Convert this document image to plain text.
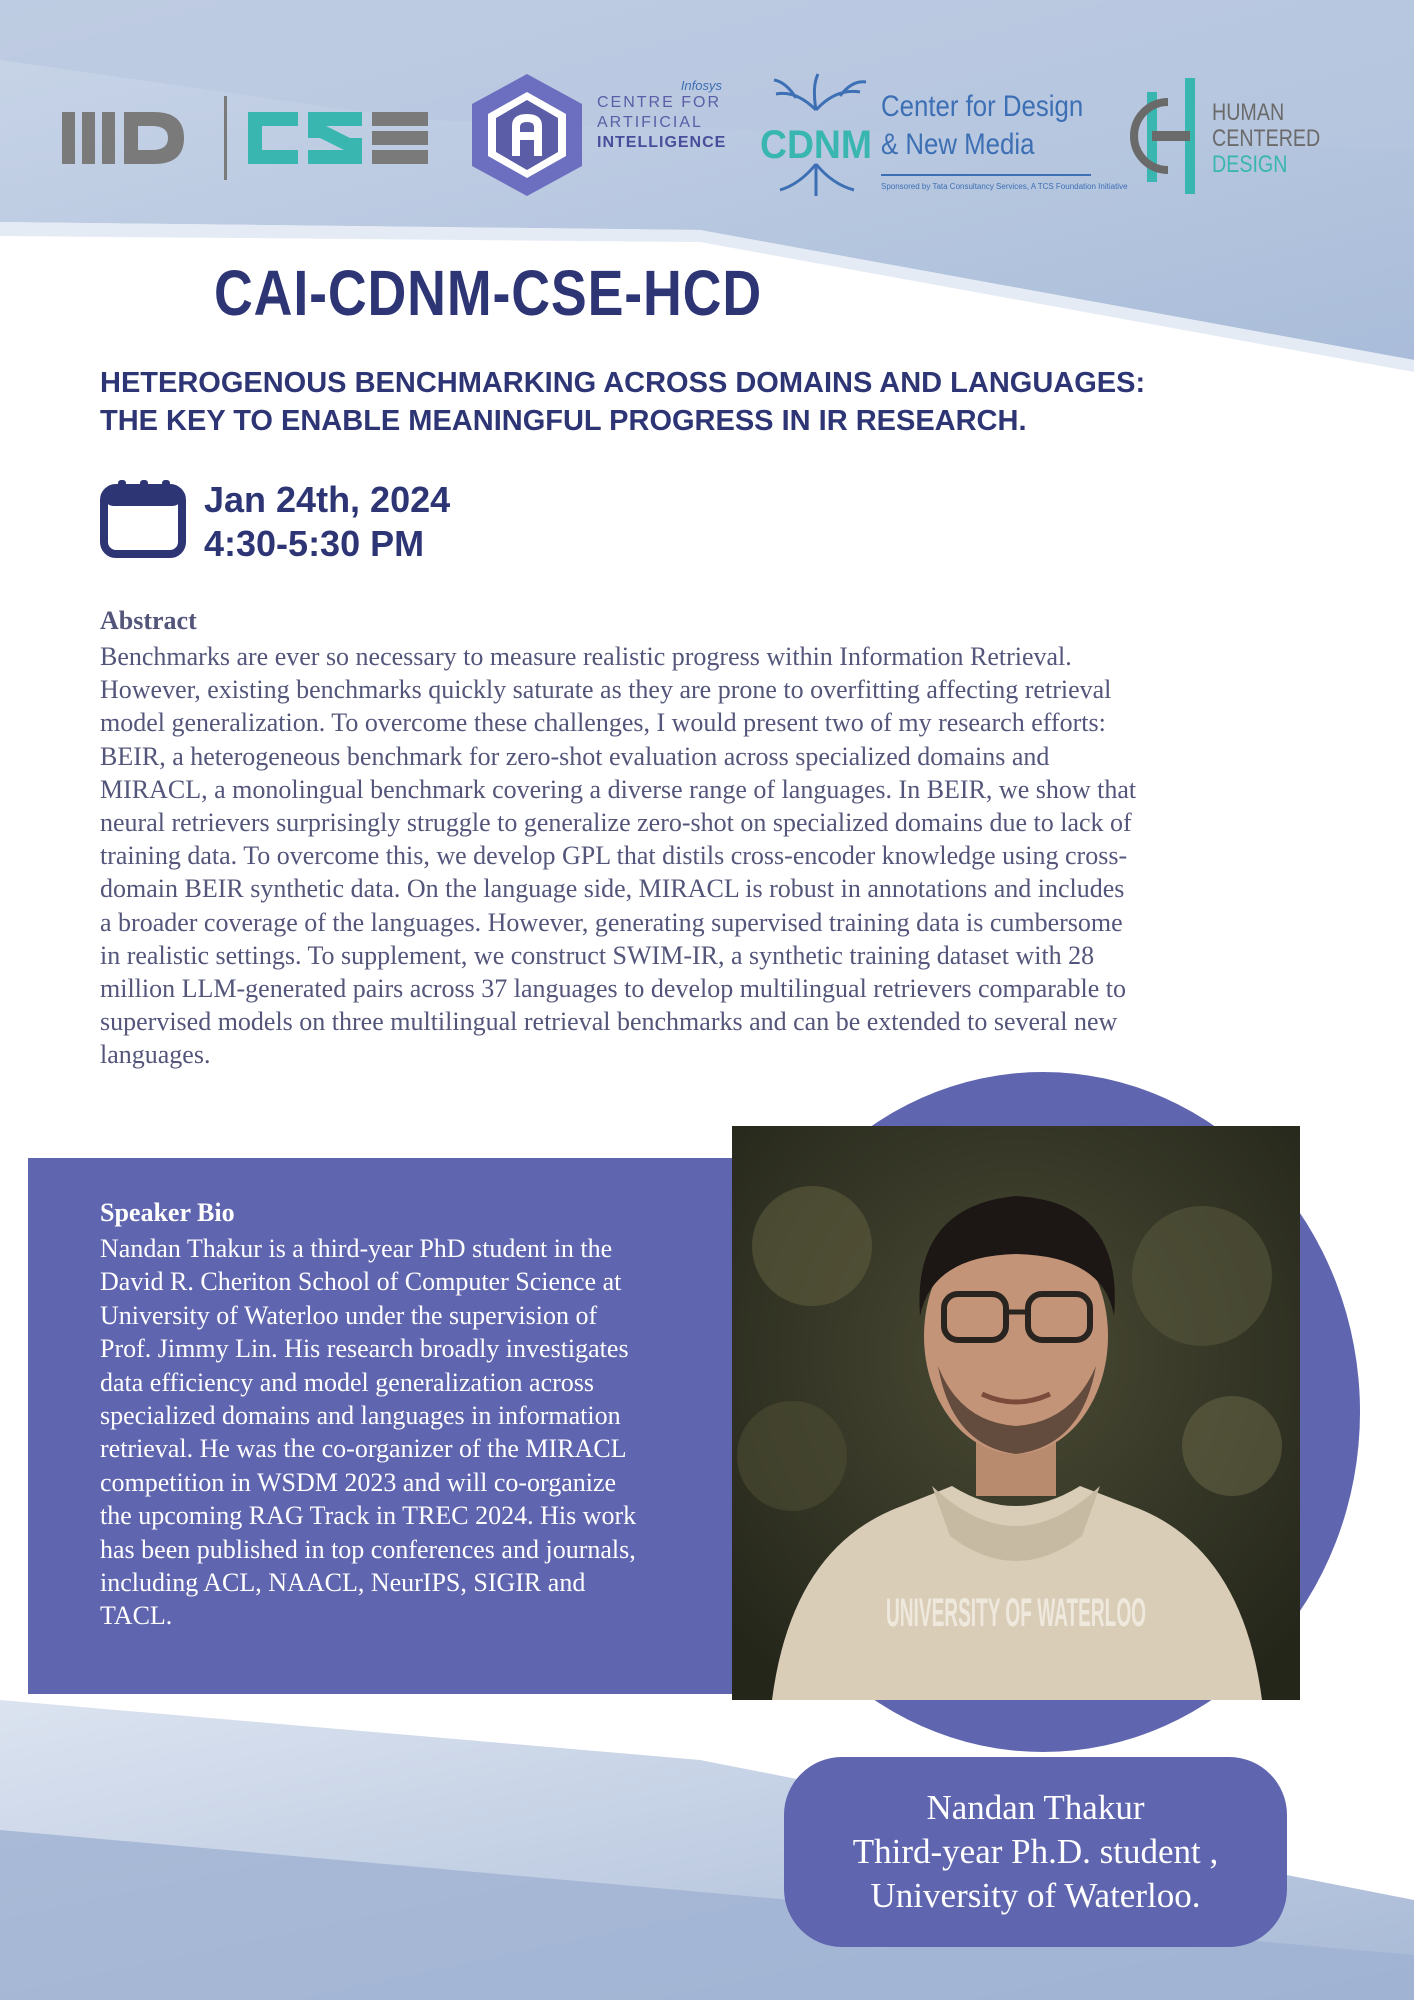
Infosys
CENTRE FOR
ARTIFICIAL
INTELLIGENCE CDNM
Center for Design
& New Media
Sponsored by Tata Consultancy Services, A TCS Foundation Initiative
HUMAN
CENTERED
DESIGN
CAI-CDNM-CSE-HCD
HETEROGENOUS BENCHMARKING ACROSS DOMAINS AND LANGUAGES:
THE KEY TO ENABLE MEANINGFUL PROGRESS IN IR RESEARCH.
Jan 24th, 2024
4:30-5:30 PM
Abstract
Benchmarks are ever so necessary to measure realistic progress within Information Retrieval.
However, existing benchmarks quickly saturate as they are prone to overfitting affecting retrieval
model generalization. To overcome these challenges, I would present two of my research efforts:
BEIR, a heterogeneous benchmark for zero-shot evaluation across specialized domains and
MIRACL, a monolingual benchmark covering a diverse range of languages. In BEIR, we show that
neural retrievers surprisingly struggle to generalize zero-shot on specialized domains due to lack of
training data. To overcome this, we develop GPL that distils cross-encoder knowledge using cross-
domain BEIR synthetic data. On the language side, MIRACL is robust in annotations and includes
a broader coverage of the languages. However, generating supervised training data is cumbersome
in realistic settings. To supplement, we construct SWIM-IR, a synthetic training dataset with 28
million LLM-generated pairs across 37 languages to develop multilingual retrievers comparable to
supervised models on three multilingual retrieval benchmarks and can be extended to several new
languages.
UNIVERSITY OF WATERLOO
Speaker Bio
Nandan Thakur is a third-year PhD student in the
David R. Cheriton School of Computer Science at
University of Waterloo under the supervision of
Prof. Jimmy Lin. His research broadly investigates
data efficiency and model generalization across
specialized domains and languages in information
retrieval. He was the co-organizer of the MIRACL
competition in WSDM 2023 and will co-organize
the upcoming RAG Track in TREC 2024. His work
has been published in top conferences and journals,
including ACL, NAACL, NeurIPS, SIGIR and
TACL.
Nandan Thakur
Third-year Ph.D. student ,
University of Waterloo.
